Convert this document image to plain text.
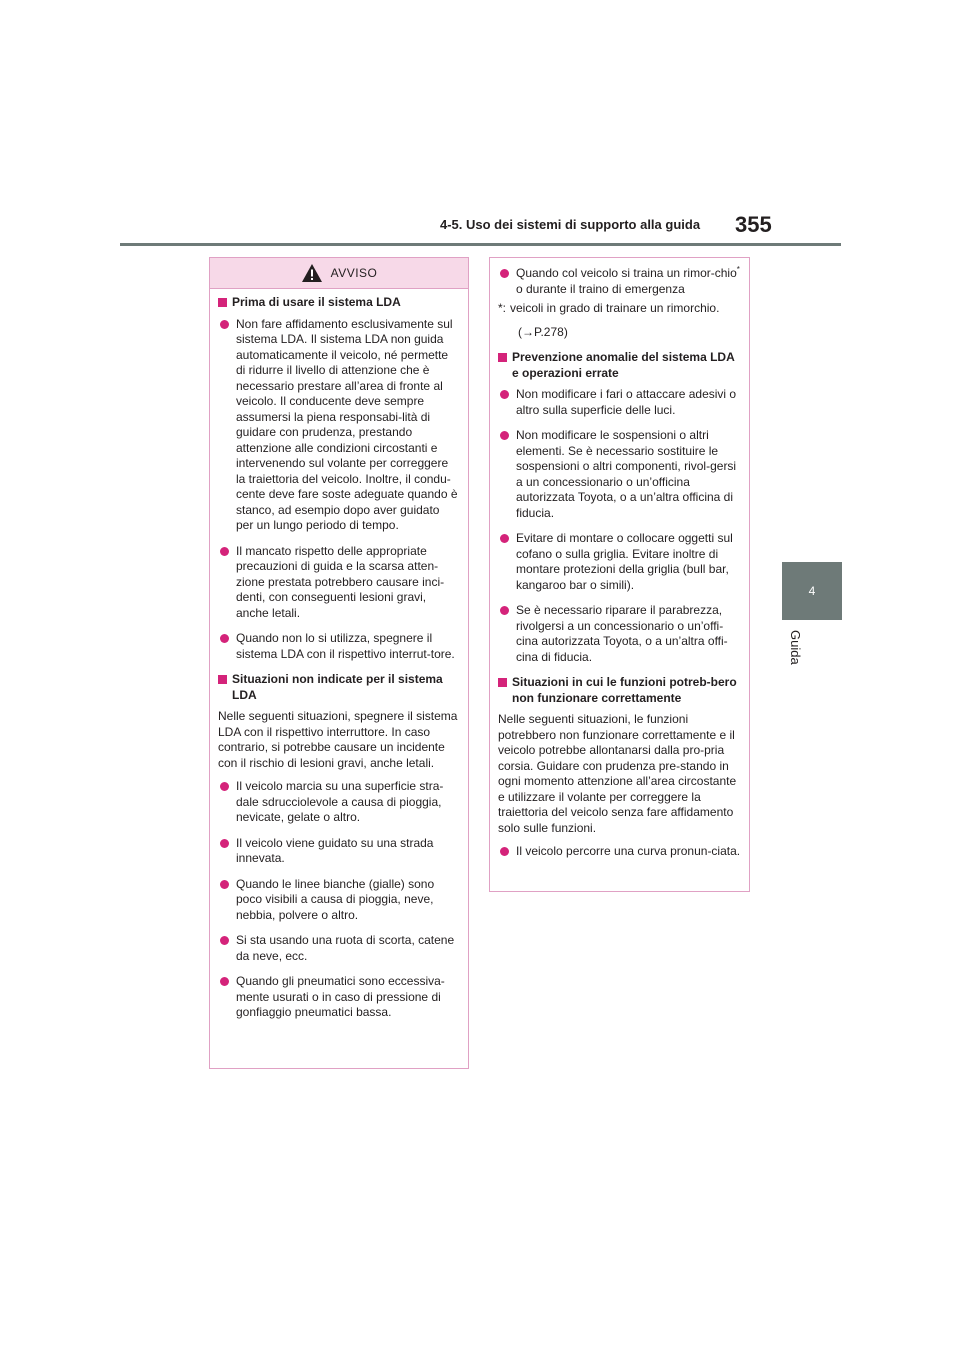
4-5. Uso dei sistemi di supporto alla guida 355
4
Guida
AVVISO
Prima di usare il sistema LDA
Non fare affidamento esclusivamente sul sistema LDA. Il sistema LDA non guida automaticamente il veicolo, né permette di ridurre il livello di attenzione che è necessario prestare all’area di fronte al veicolo. Il conducente deve sempre assumersi la piena responsabi-lità di guidare con prudenza, prestando attenzione alle condizioni circostanti e intervenendo sul volante per correggere la traiettoria del veicolo. Inoltre, il condu-cente deve fare soste adeguate quando è stanco, ad esempio dopo aver guidato per un lungo periodo di tempo.
Il mancato rispetto delle appropriate precauzioni di guida e la scarsa atten-zione prestata potrebbero causare inci-denti, con conseguenti lesioni gravi, anche letali.
Quando non lo si utilizza, spegnere il sistema LDA con il rispettivo interrut-tore.
Situazioni non indicate per il sistema LDA
Nelle seguenti situazioni, spegnere il sistema LDA con il rispettivo interruttore. In caso contrario, si potrebbe causare un incidente con il rischio di lesioni gravi, anche letali.
Il veicolo marcia su una superficie stra-dale sdrucciolevole a causa di pioggia, nevicate, gelate o altro.
Il veicolo viene guidato su una strada innevata.
Quando le linee bianche (gialle) sono poco visibili a causa di pioggia, neve, nebbia, polvere o altro.
Si sta usando una ruota di scorta, catene da neve, ecc.
Quando gli pneumatici sono eccessiva-mente usurati o in caso di pressione di gonfiaggio pneumatici bassa.
Quando col veicolo si traina un rimor-chio* o durante il traino di emergenza
*: veicoli in grado di trainare un rimorchio.
(→P.278)
Prevenzione anomalie del sistema LDA e operazioni errate
Non modificare i fari o attaccare adesivi o altro sulla superficie delle luci.
Non modificare le sospensioni o altri elementi. Se è necessario sostituire le sospensioni o altri componenti, rivol-gersi a un concessionario o un’officina autorizzata Toyota, o a un’altra officina di fiducia.
Evitare di montare o collocare oggetti sul cofano o sulla griglia. Evitare inoltre di montare protezioni della griglia (bull bar, kangaroo bar o simili).
Se è necessario riparare il parabrezza, rivolgersi a un concessionario o un’offi-cina autorizzata Toyota, o a un’altra offi-cina di fiducia.
Situazioni in cui le funzioni potreb-bero non funzionare correttamente
Nelle seguenti situazioni, le funzioni potrebbero non funzionare correttamente e il veicolo potrebbe allontanarsi dalla pro-pria corsia. Guidare con prudenza pre-stando in ogni momento attenzione all’area circostante e utilizzare il volante per correggere la traiettoria del veicolo senza fare affidamento solo sulle funzioni.
Il veicolo percorre una curva pronun-ciata.
